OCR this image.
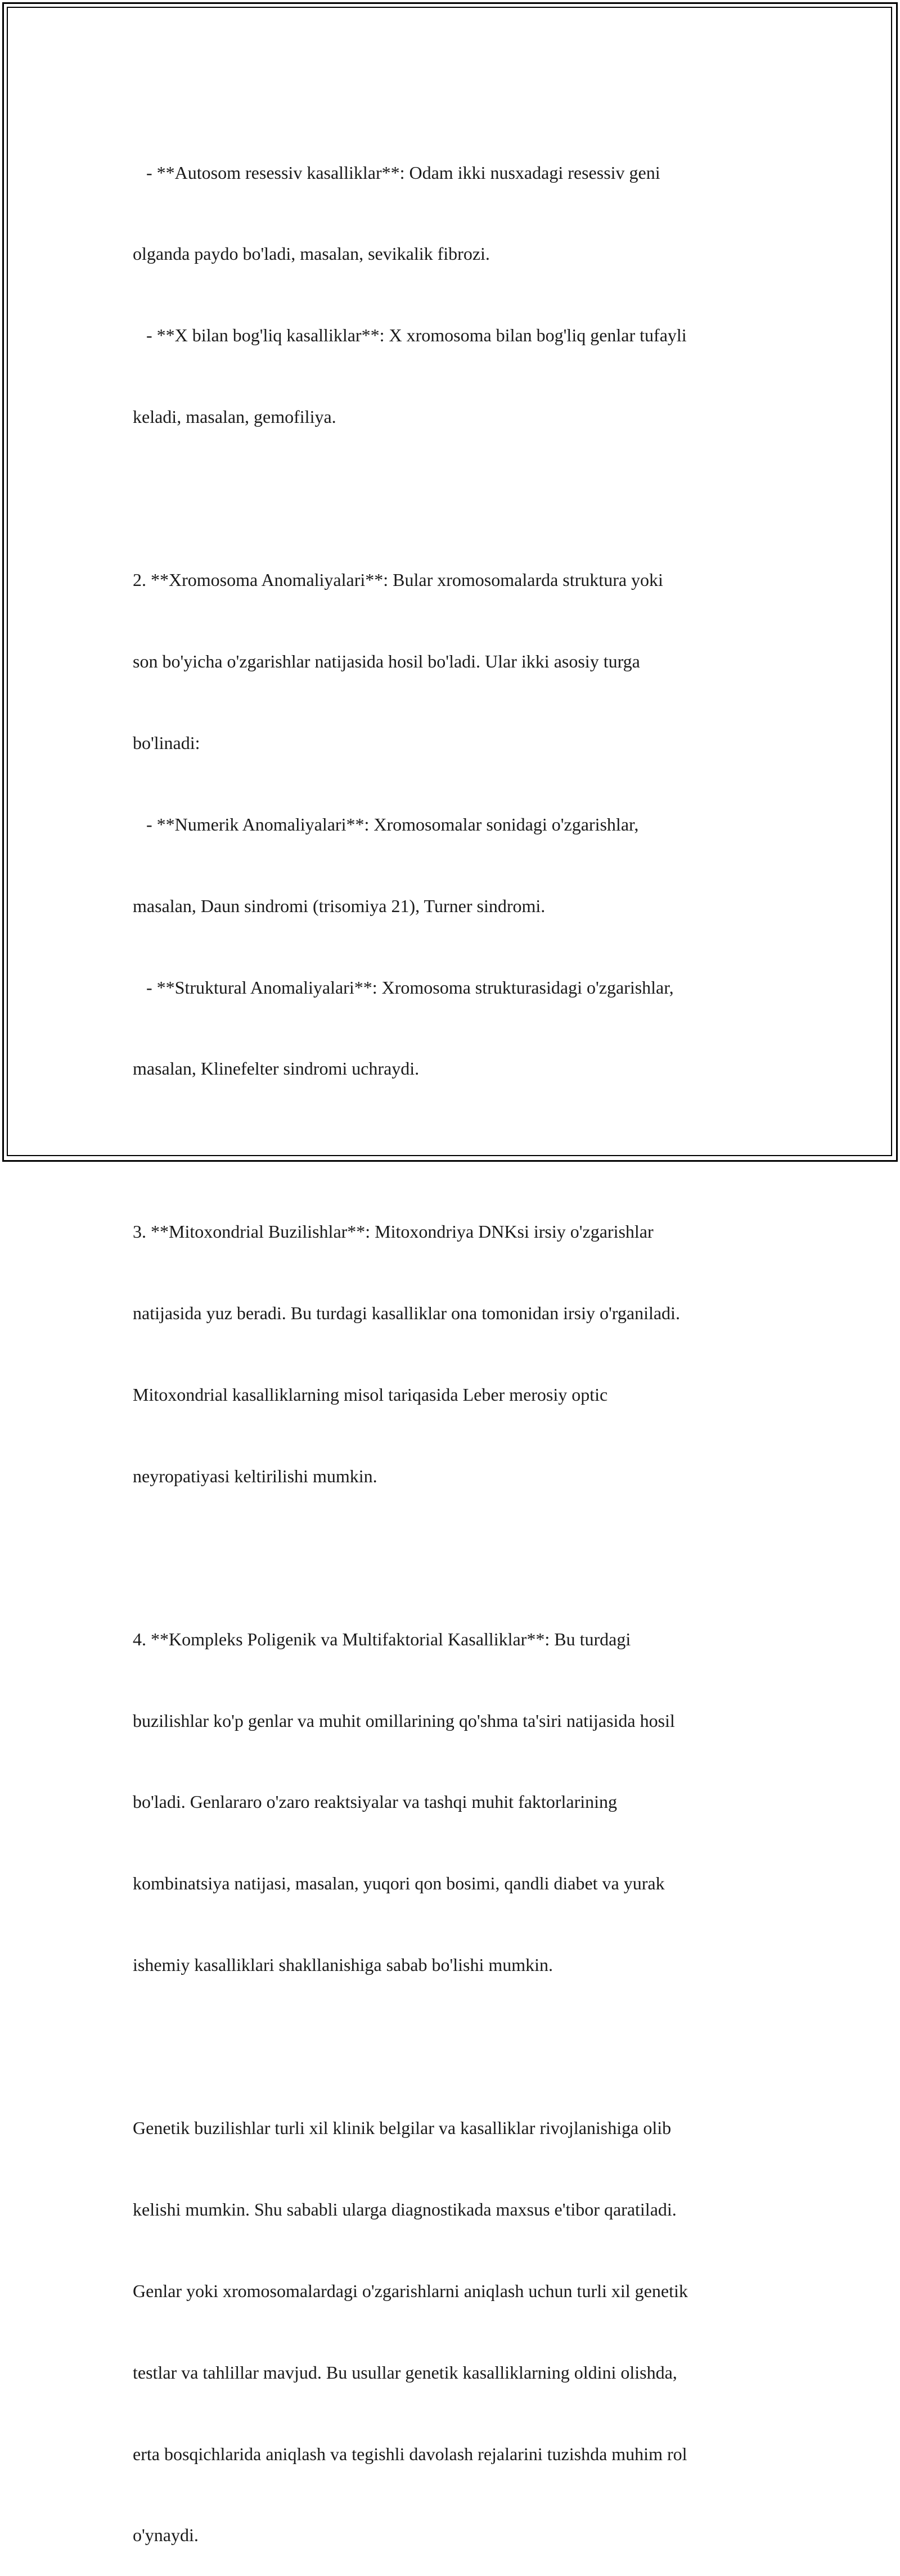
- **Autosom resessiv kasalliklar**: Odam ikki nusxadagi resessiv geni

olganda paydo bo'ladi, masalan, sevikalik fibrozi.

- **X bilan bog'liq kasalliklar**: X xromosoma bilan bog'liq genlar tufayli

keladi, masalan, gemofiliya.

2. **Xromosoma Anomaliyalari**: Bular xromosomalarda struktura yoki

son bo'yicha o'zgarishlar natijasida hosil bo'ladi. Ular ikki asosiy turga

bo'linadi:

- **Numerik Anomaliyalari**: Xromosomalar sonidagi o'zgarishlar,

masalan, Daun sindromi (trisomiya 21), Turner sindromi.

- **Struktural Anomaliyalari**: Xromosoma strukturasidagi o'zgarishlar,

masalan, Klinefelter sindromi uchraydi.

3. **Mitoxondrial Buzilishlar**: Mitoxondriya DNKsi irsiy o'zgarishlar

natijasida yuz beradi. Bu turdagi kasalliklar ona tomonidan irsiy o'rganiladi.

Mitoxondrial kasalliklarning misol tariqasida Leber merosiy optic

neyropatiyasi keltirilishi mumkin.

4. **Kompleks Poligenik va Multifaktorial Kasalliklar**: Bu turdagi

buzilishlar ko'p genlar va muhit omillarining qo'shma ta'siri natijasida hosil

bo'ladi. Genlararo o'zaro reaktsiyalar va tashqi muhit faktorlarining

kombinatsiya natijasi, masalan, yuqori qon bosimi, qandli diabet va yurak

ishemiy kasalliklari shakllanishiga sabab bo'lishi mumkin.

Genetik buzilishlar turli xil klinik belgilar va kasalliklar rivojlanishiga olib

kelishi mumkin. Shu sababli ularga diagnostikada maxsus e'tibor qaratiladi.

Genlar yoki xromosomalardagi o'zgarishlarni aniqlash uchun turli xil genetik

testlar va tahlillar mavjud. Bu usullar genetik kasalliklarning oldini olishda,

erta bosqichlarida aniqlash va tegishli davolash rejalarini tuzishda muhim rol

o'ynaydi.
